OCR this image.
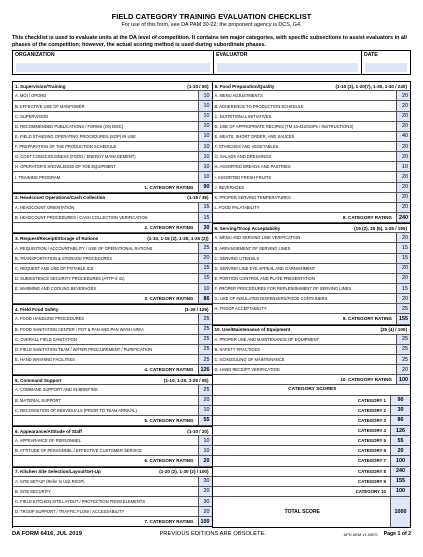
FIELD CATEGORY TRAINING EVALUATION CHECKLIST
For use of this form, see DA PAM 30-22; the proponent agency is DCS, G4.
This checklist is used to evaluate units at the DA level of competition. It contains ten major categories, with specific subsections to assist evaluators in all phases of the competition; however, the actual scoring method is used during subordinate phases.
ORGANIZATION	EVALUATOR	DATE
1. Supervision/Training	(1-10 / 50)
A. MOI / OPORD	10
B. EFFECTIVE USE OF MANPOWER	10
C. SUPERVISION	10
D. RECOMMENDED PUBLICATIONS / FORMS (ON DISC)	10
E. FIELD STANDING OPERATING PROCEDURES (SOP) IN USE	10
F. PREPARATION OF THE PRODUCTION SCHEDULE	10
G. COST CONSCIOUSNESS (FOOD / ENERGY MANAGEMENT)	10
H. OPERATOR'S KNOWLEDGE OF TOE EQUIPMENT	10
I. TRAINING PROGRAM	10
1. CATEGORY RATING	90
2. Headcount Operations/Cash Collection	(1-15 / 35)
A. HEADCOUNT ORIENTATION	15
B. HEADCOUNT PROCEDURES / CASH COLLECTION VERIFICATION	15
2. CATEGORY RATING	30
3. Request/Receipt/Storage of Rations	(1-10, 1-15 (2), 1-20, 1-25 (2))
A. REQUISITION / ACCOUNTABILITY / USE OF OPERATIONAL RATIONS	25
B. TRANSPORTATION & STORAGE PROCEDURES	20
C. REQUEST AND USE OF POTABLE ICE	15
D. SUBSISTENCE SECURITY PROCEDURES (ATTP-4-41)	15
E. WARMING AND COOLING BEVERAGES	10
3. CATEGORY RATING	86
4. Field Food Safety	(1-25 / 125)
A. FOOD HANDLING PROCEDURES	25
B. FOOD SANITATION CENTER / POT & PAN AND PAN WASH AREA	25
C. OVERALL FIELD SANITATION	25
D. FIELD SANITATION TEAM / WATER PROCUREMENT / PURIFICATION	25
E. HAND WASHING FACILITIES	25
4. CATEGORY RATING	126
5. Command Support	(1-10, 1-20, 1-25 / 55)
A. COMMAND SUPPORT AND IN-BRIEFING	25
B. MATERIAL SUPPORT	20
C. RECOGNITION OF INDIVIDUALS (PRIOR TO TEAM ARRIVAL)	10
5. CATEGORY RATING	55
6. Appearance/Attitude of Staff	(1-10 / 20)
A. APPEARANCE OF PERSONNEL	10
B. ATTITUDE OF PERSONNEL / EFFECTIVE CUSTOMER SERVICE	10
6. CATEGORY RATING	20
7. Kitchen Site Selection/Layout/Set-Up	(1-20 (2), 1-30 (2) / 100)
A. SITE SET-UP (Refer to Unit RSOP)	30
B. SITE SECURITY	20
C. FIELD KITCHEN SITE LAYOUT / PROTECTION FROM ELEMENTS	30
D. TROOP SUPPORT / TRAFFIC FLOW / ACCESSABILITY	20
7. CATEGORY RATING	100
8. Food Preparation/Quality	(1-10 (3), 1-20(7), 1-30, 1-40 / 240)
A. MENU ADJUSTMENTS	20
B. ADHERENCE TO PRODUCTION SCHEDULE	20
C. NUTRITIONAL INITIATIVES	20
D. USE OF APPROPRIATE RECIPES (TM 10-412/SOPs / INSTRUCTIONS)	20
E. MEATS, SHORT ORDER, AND SAUCES	40
F. STARCHES AND VEGETABLES	20
G. SALADS AND DRESSINGS	20
H. ASSORTED BREADS AND PASTRIES	10
I. ASSORTED FRESH FRUITS	20
J. BEVERAGES	20
K. PROPER SERVING TEMPERATURES	20
L. FOOD PALATABILITY	20
8. CATEGORY RATING	240
9. Serving/Troop Acceptability	(15 (2), 20 (5), 1-25 / 155)
A. MENU AND SERVING LINE VERIFICATION	20
B. ARRANGEMENT OF SERVING LINES	15
C. SERVING UTENSILS	15
D. SERVING LINE EYE APPEAL AND GARNISHMENT	20
E. PORTION CONTROL AND PLATE PRESENTATION	20
F. PROPER PROCEDURES FOR REPLENISHMENT OF SERVING LINES	15
G. USE OF INSULATED DISPENSERS/FOOD CONTAINERS	20
H. TROOP ACCEPTABILITY	25
9. CATEGORY RATING	155
10. Use/Maintenance of Equipment	(25 (4) / 100)
A. PROPER USE AND MAINTENANCE OF EQUIPMENT	25
B. SAFETY PRACTICES	25
C. SCHEDULING OF MAINTENANCE	25
D. HAND RECEIPT VERIFICATION	20
10. CATEGORY RATING	100
CATEGORY SCORES
CATEGORY 1	90
CATEGORY 2	30
CATEGORY 3	86
CATEGORY 4	126
CATEGORY 5	55
CATEGORY 6	20
CATEGORY 7	100
CATEGORY 8	240
CATEGORY 9	155
CATEGORY 10	100
TOTAL SCORE	1000
DA FORM 6416, JUL 2019	PREVIOUS EDITIONS ARE OBSOLETE.	APD AEM v1.00ES Page 1 of 2
